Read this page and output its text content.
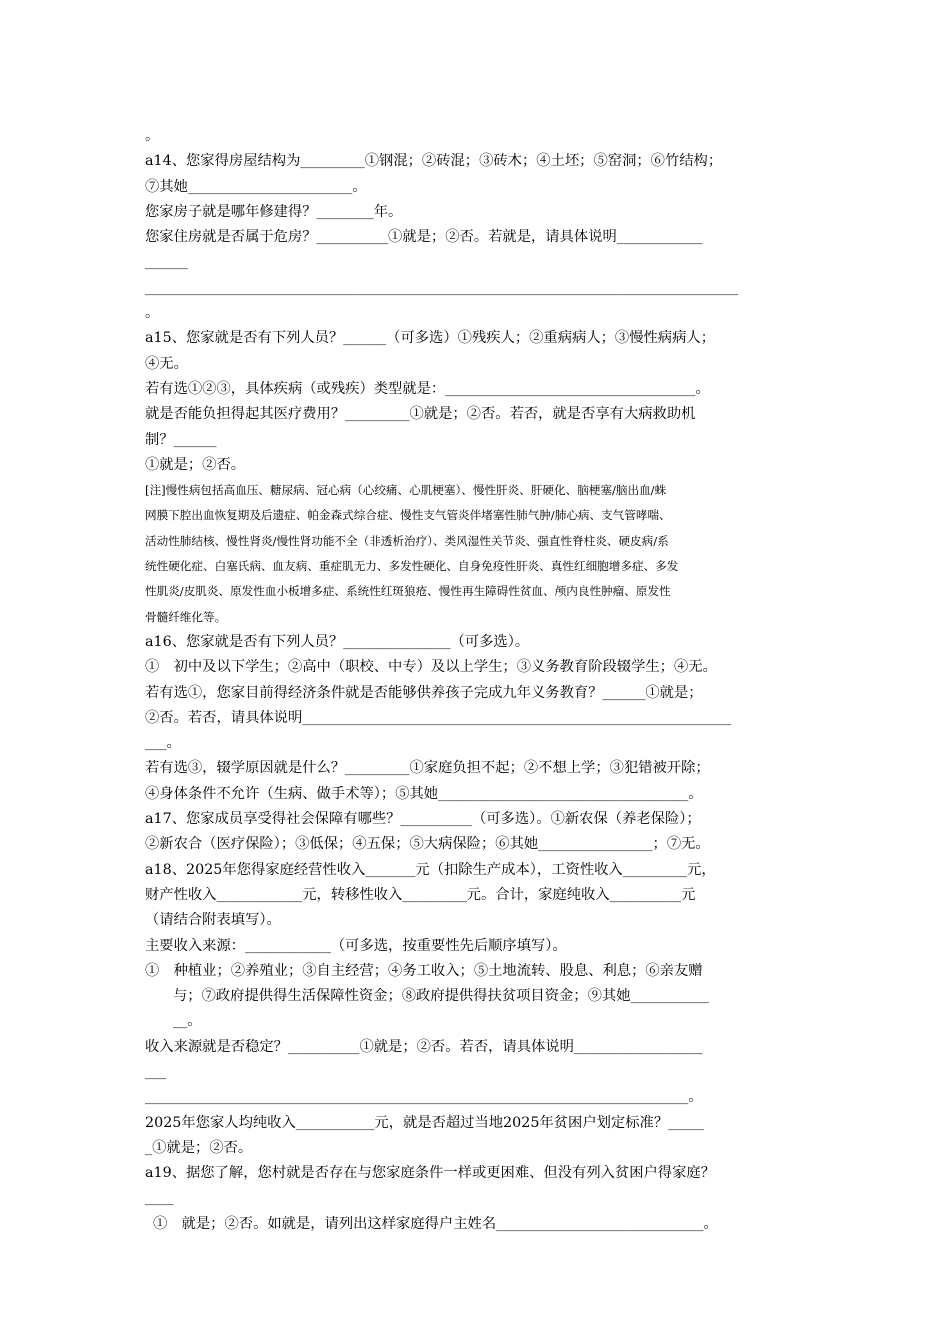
。
a14、您家得房屋结构为_________①钢混；②砖混；③砖木；④土坯；⑤窑洞；⑥竹结构；
⑦其她_______________________。
您家房子就是哪年修建得？________年。
您家住房就是否属于危房？__________①就是；②否。若就是，请具体说明____________
______
___________________________________________________________________________________
。
a15、您家就是否有下列人员？______（可多选）①残疾人；②重病病人；③慢性病病人；
④无。
若有选①②③，具体疾病（或残疾）类型就是：___________________________________。
就是否能负担得起其医疗费用？_________①就是；②否。若否，就是否享有大病救助机
制？______
①就是；②否。
[注]慢性病包括高血压、糖尿病、冠心病（心绞痛、心肌梗塞）、慢性肝炎、肝硬化、脑梗塞/脑出血/蛛
网膜下腔出血恢复期及后遗症、帕金森式综合症、慢性支气管炎伴堵塞性肺气肿/肺心病、支气管哮喘、
活动性肺结核、慢性肾炎/慢性肾功能不全（非透析治疗）、类风湿性关节炎、强直性脊柱炎、硬皮病/系
统性硬化症、白塞氏病、血友病、重症肌无力、多发性硬化、自身免疫性肝炎、真性红细胞增多症、多发
性肌炎/皮肌炎、原发性血小板增多症、系统性红斑狼疮、慢性再生障碍性贫血、颅内良性肿瘤、原发性
骨髓纤维化等。
a16、您家就是否有下列人员？_______________（可多选）。
①　初中及以下学生；②高中（职校、中专）及以上学生；③义务教育阶段辍学生；④无。
若有选①，您家目前得经济条件就是否能够供养孩子完成九年义务教育？______①就是；
②否。若否，请具体说明____________________________________________________________
___。
若有选③，辍学原因就是什么？_________①家庭负担不起；②不想上学；③犯错被开除；
④身体条件不允许（生病、做手术等）；⑤其她___________________________________。
a17、您家成员享受得社会保障有哪些？__________（可多选）。①新农保（养老保险）；
②新农合（医疗保险）；③低保；④五保；⑤大病保险；⑥其她________________；⑦无。
a18、2025年您得家庭经营性收入_______元（扣除生产成本），工资性收入_________元，
财产性收入____________元，转移性收入_________元。合计，家庭纯收入__________元
（请结合附表填写）。
主要收入来源：____________（可多选，按重要性先后顺序填写）。
①　种植业；②养殖业；③自主经营；④务工收入；⑤土地流转、股息、利息；⑥亲友赠
与；⑦政府提供得生活保障性资金；⑧政府提供得扶贫项目资金；⑨其她___________
__。
收入来源就是否稳定？__________①就是；②否。若否，请具体说明__________________
___
____________________________________________________________________________。
2025年您家人均纯收入___________元，就是否超过当地2025年贫困户划定标准？_____
_①就是；②否。
a19、据您了解，您村就是否存在与您家庭条件一样或更困难、但没有列入贫困户得家庭？
____
①　就是；②否。如就是，请列出这样家庭得户主姓名_____________________________。
